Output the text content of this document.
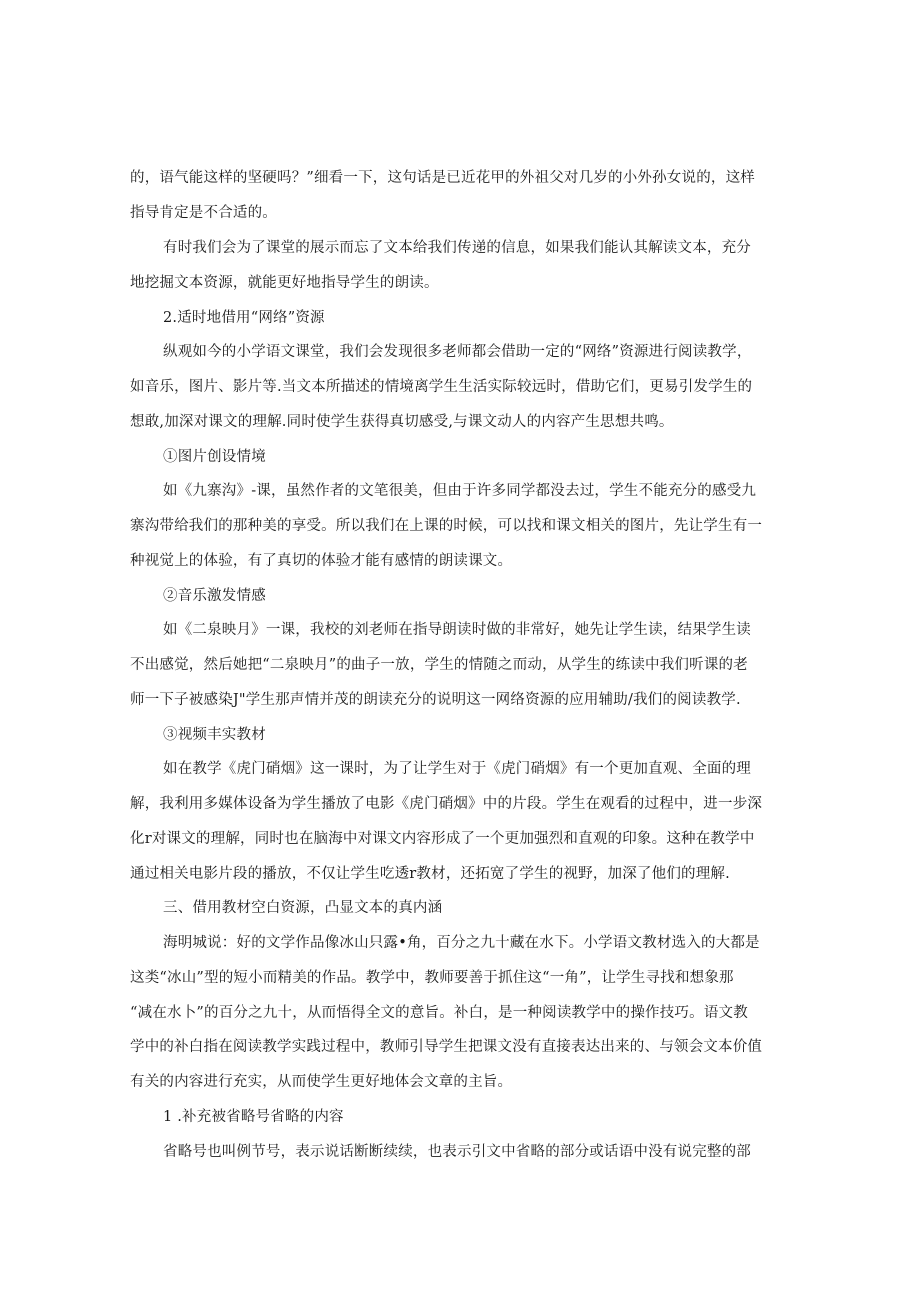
的，语气能这样的坚硬吗？”细看一下，这句话是已近花甲的外祖父对几岁的小外孙女说的，这样
指导肯定是不合适的。
有时我们会为了课堂的展示而忘了文本给我们传递的信息，如果我们能认其解读文本，充分
地挖掘文本资源，就能更好地指导学生的朗读。
2.适时地借用“网络”资源
纵观如今的小学语文课堂，我们会发现很多老师都会借助一定的“网络”资源进行阅读教学，
如音乐，图片、影片等.当文本所描述的情境离学生生活实际较远时，借助它们，更易引发学生的
想敢,加深对课文的理解.同时使学生获得真切感受,与课文动人的内容产生思想共鸣。
①图片创设情境
如《九寨沟》-课，虽然作者的文笔很美，但由于许多同学都没去过，学生不能充分的感受九
寨沟带给我们的那种美的享受。所以我们在上课的时候，可以找和课文相关的图片，先让学生有一
种视觉上的体验，有了真切的体验才能有感情的朗读课文。
②音乐激发情感
如《二泉映月》一课，我校的刘老师在指导朗读时做的非常好，她先让学生读，结果学生读
不出感觉，然后她把“二泉映月”的曲子一放，学生的情随之而动，从学生的练读中我们听课的老
师一下子被感染J"学生那声情并茂的朗读充分的说明这一网络资源的应用辅助/我们的阅读教学.
③视频丰实教材
如在教学《虎门硝烟》这一课时，为了让学生对于《虎门硝烟》有一个更加直观、全面的理
解，我利用多媒体设备为学生播放了电影《虎门硝烟》中的片段。学生在观看的过程中，进一步深
化r对课文的理解，同时也在脑海中对课文内容形成了一个更加强烈和直观的印象。这种在教学中
通过相关电影片段的播放，不仅让学生吃透r教材，还拓宽了学生的视野，加深了他们的理解.
三、借用教材空白资源，凸显文本的真内涵
海明城说：好的文学作品像冰山只露•角，百分之九十藏在水下。小学语文教材选入的大都是
这类“冰山”型的短小而精美的作品。教学中，教师要善于抓住这“一角”，让学生寻找和想象那
“减在水卜”的百分之九十，从而悟得全文的意旨。补白，是一种阅读教学中的操作技巧。语文教
学中的补白指在阅读教学实践过程中，教师引导学生把课文没有直接表达出来的、与领会文本价值
有关的内容进行充实，从而使学生更好地体会文章的主旨。
1 .补充被省略号省略的内容
省略号也叫例节号，表示说话断断续续，也表示引文中省略的部分或话语中没有说完整的部
